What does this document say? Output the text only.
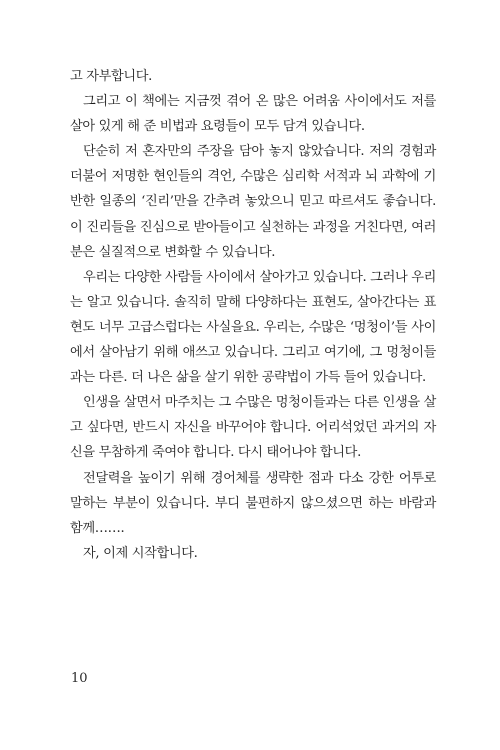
고 자부합니다.

그리고 이 책에는 지금껏 겪어 온 많은 어려움 사이에서도 저를 살아 있게 해 준 비법과 요령들이 모두 담겨 있습니다.

단순히 저 혼자만의 주장을 담아 놓지 않았습니다. 저의 경험과 더불어 저명한 현인들의 격언, 수많은 심리학 서적과 뇌 과학에 기반한 일종의 ‘진리’만을 간추려 놓았으니 믿고 따르셔도 좋습니다. 이 진리들을 진심으로 받아들이고 실천하는 과정을 거친다면, 여러분은 실질적으로 변화할 수 있습니다.

우리는 다양한 사람들 사이에서 살아가고 있습니다. 그러나 우리는 알고 있습니다. 솔직히 말해 다양하다는 표현도, 살아간다는 표현도 너무 고급스럽다는 사실을요. 우리는, 수많은 ‘멍청이’들 사이에서 살아남기 위해 애쓰고 있습니다. 그리고 여기에, 그 멍청이들과는 다른. 더 나은 삶을 살기 위한 공략법이 가득 들어 있습니다.

인생을 살면서 마주치는 그 수많은 멍청이들과는 다른 인생을 살고 싶다면, 반드시 자신을 바꾸어야 합니다. 어리석었던 과거의 자신을 무참하게 죽여야 합니다. 다시 태어나야 합니다.

전달력을 높이기 위해 경어체를 생략한 점과 다소 강한 어투로 말하는 부분이 있습니다. 부디 불편하지 않으셨으면 하는 바람과 함께…….

자, 이제 시작합니다.

10
